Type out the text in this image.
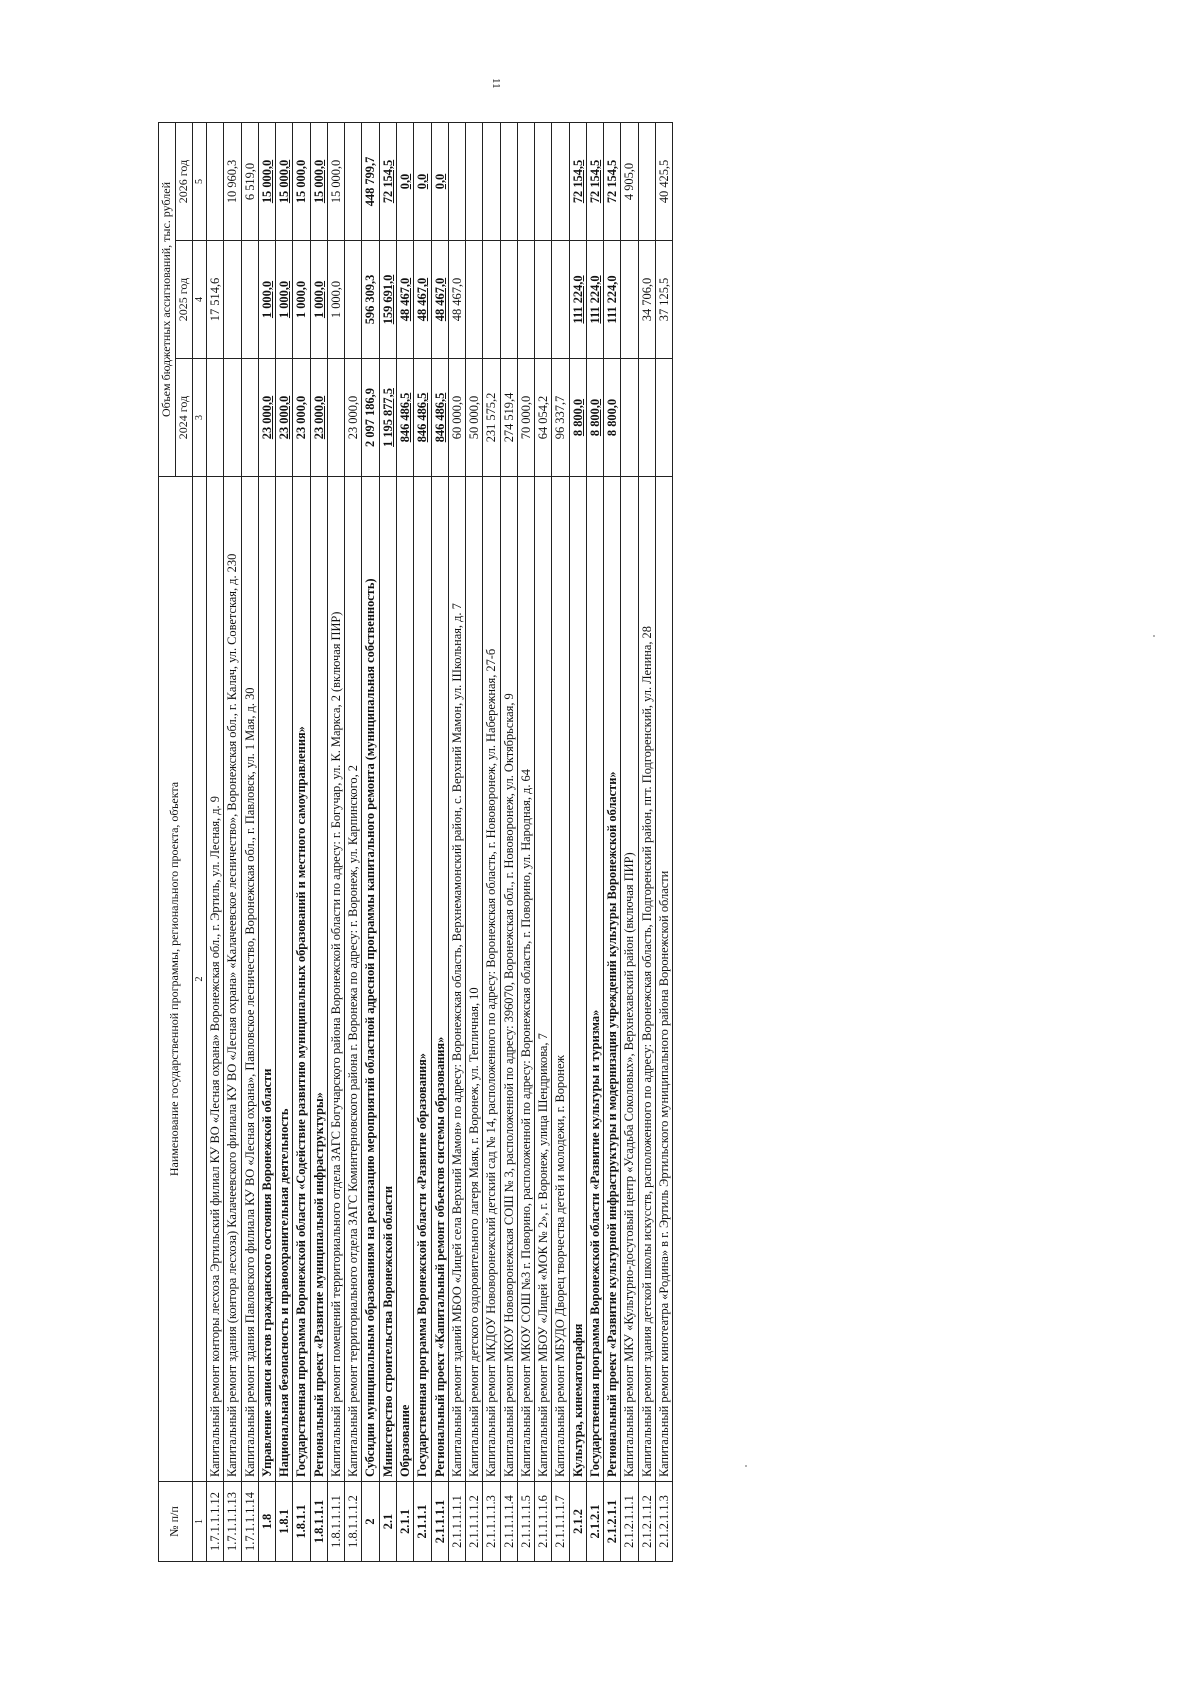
11
№ п/п	Наименование государственной программы, регионального проекта, объекта	Объем бюджетных ассигнований, тыс. рублей		
		2024 год	2025 год	2026 год
1	2	3	4	5
1.7.1.1.1.12	Капитальный ремонт конторы лесхоза Эртильский филиал КУ ВО «Лесная охрана» Воронежская обл., г. Эртиль, ул. Лесная, д. 9		17 514,6	
1.7.1.1.1.13	Капитальный ремонт здания (контора лесхоза) Калачеевского филиала КУ ВО «Лесная охрана» «Калачеевское лесничество», Воронежская обл., г. Калач, ул. Советская, д. 230			10 960,3
1.7.1.1.1.14	Капитальный ремонт здания Павловского филиала КУ ВО «Лесная охрана», Павловское лесничество, Воронежская обл., г. Павловск, ул. 1 Мая, д. 30			6 519,0
1.8	Управление записи актов гражданского состояния Воронежской области	23 000,0	1 000,0	15 000,0
1.8.1	Национальная безопасность и правоохранительная деятельность	23 000,0	1 000,0	15 000,0
1.8.1.1	Государственная программа Воронежской области «Содействие развитию муниципальных образований и местного самоуправления»	23 000,0	1 000,0	15 000,0
1.8.1.1.1	Региональный проект «Развитие муниципальной инфраструктуры»	23 000,0	1 000,0	15 000,0
1.8.1.1.1.1	Капитальный ремонт помещений территориального отдела ЗАГС Богучарского района Воронежской области по адресу: г. Богучар, ул. К. Маркса, 2 (включая ПИР)		1 000,0	15 000,0
1.8.1.1.1.2	Капитальный ремонт территориального отдела ЗАГС Коминтерновского района г. Воронежа по адресу: г. Воронеж, ул. Карпинского, 2	23 000,0		
2	Субсидии муниципальным образованиям на реализацию мероприятий областной адресной программы капитального ремонта (муниципальная собственность)	2 097 186,9	596 309,3	448 799,7
2.1	Министерство строительства Воронежской области	1 195 877,5	159 691,0	72 154,5
2.1.1	Образование	846 486,5	48 467,0	0,0
2.1.1.1	Государственная программа Воронежской области «Развитие образования»	846 486,5	48 467,0	0,0
2.1.1.1.1	Региональный проект «Капитальный ремонт объектов системы образования»	846 486,5	48 467,0	0,0
2.1.1.1.1.1	Капитальный ремонт зданий МБОО «Лицей села Верхний Мамон» по адресу: Воронежская область, Верхнемамонский район, с. Верхний Мамон, ул. Школьная, д. 7	60 000,0	48 467,0	
2.1.1.1.1.2	Капитальный ремонт детского оздоровительного лагеря Маяк, г. Воронеж, ул. Тепличная, 10	50 000,0		
2.1.1.1.1.3	Капитальный ремонт МКДОУ Нововоронежский детский сад № 14, расположенного по адресу: Воронежская область, г. Нововоронеж, ул. Набережная, 27-б	231 575,2		
2.1.1.1.1.4	Капитальный ремонт МКОУ Нововоронежская СОШ № 3, расположенной по адресу: 396070, Воронежская обл., г. Нововоронеж, ул. Октябрьская, 9	274 519,4		
2.1.1.1.1.5	Капитальный ремонт МКОУ СОШ №3 г. Поворино, расположенной по адресу: Воронежская область, г. Поворино, ул. Народная, д. 64	70 000,0		
2.1.1.1.1.6	Капитальный ремонт МБОУ «Лицей «МОК № 2», г. Воронеж, улица Шендрикова, 7	64 054,2		
2.1.1.1.1.7	Капитальный ремонт МБУДО Дворец творчества детей и молодежи, г. Воронеж	96 337,7		
2.1.2	Культура, кинематография	8 800,0	111 224,0	72 154,5
2.1.2.1	Государственная программа Воронежской области «Развитие культуры и туризма»	8 800,0	111 224,0	72 154,5
2.1.2.1.1	Региональный проект «Развитие культурной инфраструктуры и модернизация учреждений культуры Воронежской области»	8 800,0	111 224,0	72 154,5
2.1.2.1.1.1	Капитальный ремонт МКУ «Культурно-досуговый центр «Усадьба Соколовых», Верхнехавский район (включая ПИР)			4 905,0
2.1.2.1.1.2	Капитальный ремонт здания детской школы искусств, расположенного по адресу: Воронежская область, Подгоренский район, пгт. Подгоренский, ул. Ленина, 28		34 706,0	
2.1.2.1.1.3	Капитальный ремонт кинотеатра «Родина» в г. Эртиль Эртильского муниципального района Воронежской области		37 125,5	40 425,5
